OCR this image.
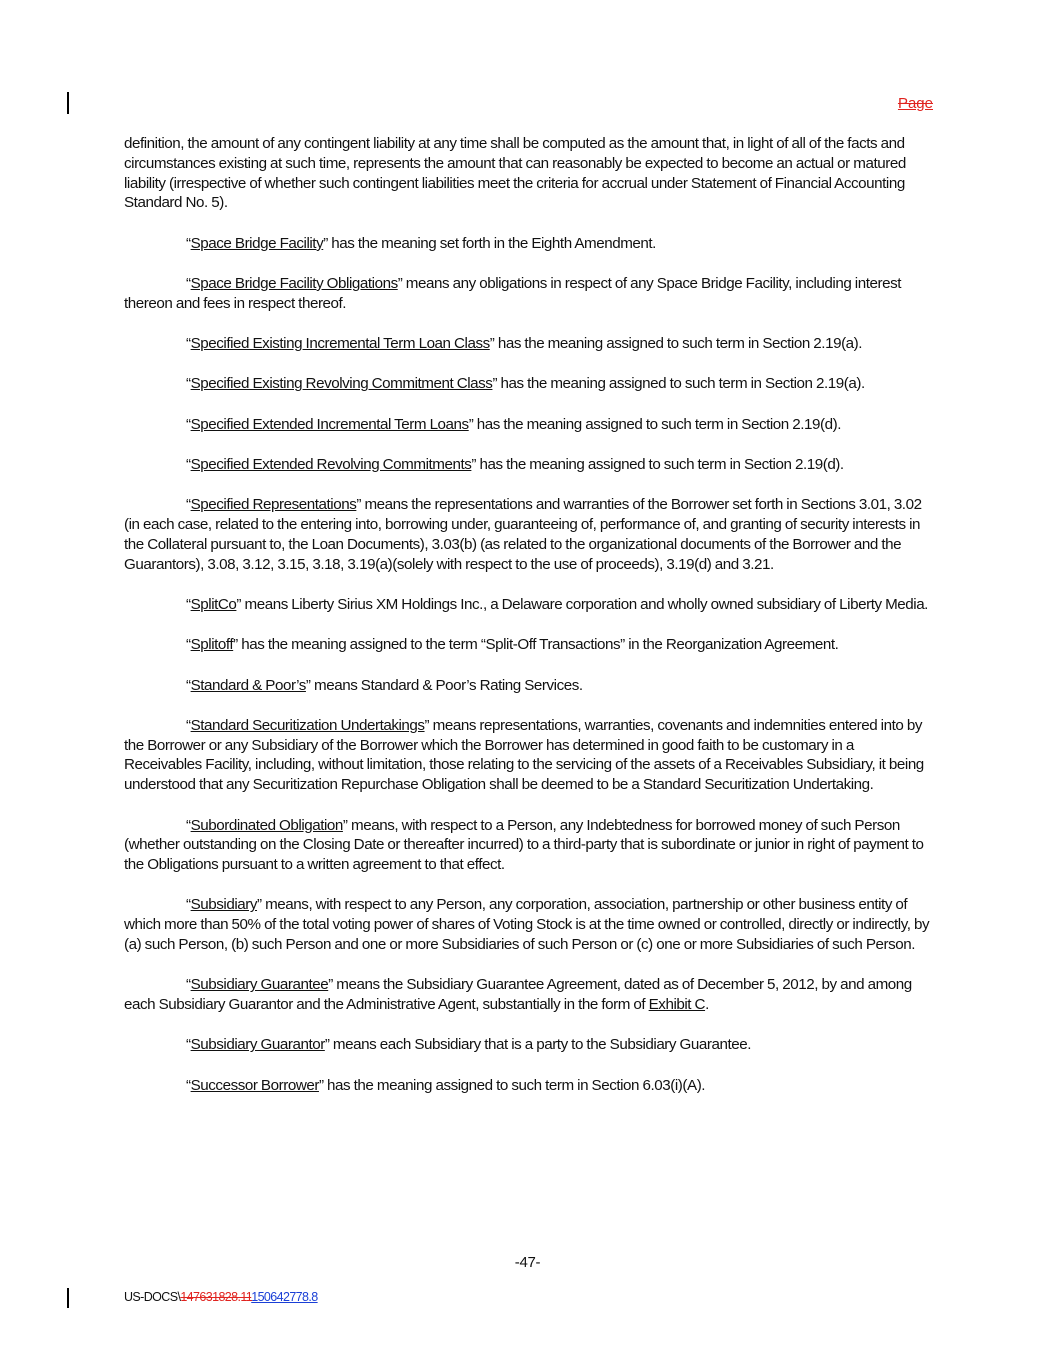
Page

definition, the amount of any contingent liability at any time shall be computed as the amount that, in light of all of the facts and circumstances existing at such time, represents the amount that can reasonably be expected to become an actual or matured liability (irrespective of whether such contingent liabilities meet the criteria for accrual under Statement of Financial Accounting Standard No. 5).

“Space Bridge Facility” has the meaning set forth in the Eighth Amendment.

“Space Bridge Facility Obligations” means any obligations in respect of any Space Bridge Facility, including interest thereon and fees in respect thereof.

“Specified Existing Incremental Term Loan Class” has the meaning assigned to such term in Section 2.19(a).

“Specified Existing Revolving Commitment Class” has the meaning assigned to such term in Section 2.19(a).

“Specified Extended Incremental Term Loans” has the meaning assigned to such term in Section 2.19(d).

“Specified Extended Revolving Commitments” has the meaning assigned to such term in Section 2.19(d).

“Specified Representations” means the representations and warranties of the Borrower set forth in Sections 3.01, 3.02 (in each case, related to the entering into, borrowing under, guaranteeing of, performance of, and granting of security interests in the Collateral pursuant to, the Loan Documents), 3.03(b) (as related to the organizational documents of the Borrower and the Guarantors), 3.08, 3.12, 3.15, 3.18, 3.19(a)(solely with respect to the use of proceeds), 3.19(d) and 3.21.

“SplitCo” means Liberty Sirius XM Holdings Inc., a Delaware corporation and wholly owned subsidiary of Liberty Media.

“Splitoff” has the meaning assigned to the term “Split-Off Transactions” in the Reorganization Agreement.

“Standard & Poor’s” means Standard & Poor’s Rating Services.

“Standard Securitization Undertakings” means representations, warranties, covenants and indemnities entered into by the Borrower or any Subsidiary of the Borrower which the Borrower has determined in good faith to be customary in a Receivables Facility, including, without limitation, those relating to the servicing of the assets of a Receivables Subsidiary, it being understood that any Securitization Repurchase Obligation shall be deemed to be a Standard Securitization Undertaking.

“Subordinated Obligation” means, with respect to a Person, any Indebtedness for borrowed money of such Person (whether outstanding on the Closing Date or thereafter incurred) to a third-party that is subordinate or junior in right of payment to the Obligations pursuant to a written agreement to that effect.

“Subsidiary” means, with respect to any Person, any corporation, association, partnership or other business entity of which more than 50% of the total voting power of shares of Voting Stock is at the time owned or controlled, directly or indirectly, by (a) such Person, (b) such Person and one or more Subsidiaries of such Person or (c) one or more Subsidiaries of such Person.

“Subsidiary Guarantee” means the Subsidiary Guarantee Agreement, dated as of December 5, 2012, by and among each Subsidiary Guarantor and the Administrative Agent, substantially in the form of Exhibit C.

“Subsidiary Guarantor” means each Subsidiary that is a party to the Subsidiary Guarantee.

“Successor Borrower” has the meaning assigned to such term in Section 6.03(i)(A).

-47-
US-DOCS\147631828.11150642778.8
